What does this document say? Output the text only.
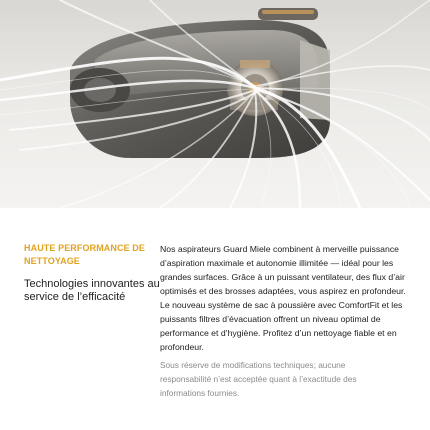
HAUTE PERFORMANCE DE NETTOYAGE

Technologies innovantes au service de l’efficacité

Nos aspirateurs Guard Miele combinent à merveille puissance d’aspiration maximale et autonomie illimitée — idéal pour les grandes surfaces. Grâce à un puissant ventilateur, des flux d’air optimisés et des brosses adaptées, vous aspirez en profondeur. Le nouveau système de sac à poussière avec ComfortFit et les puissants filtres d’évacuation offrent un niveau optimal de performance et d’hygiène. Profitez d’un nettoyage fiable et en profondeur.

Sous réserve de modifications techniques; aucune responsabilité n’est acceptée quant à l’exactitude des informations fournies.
